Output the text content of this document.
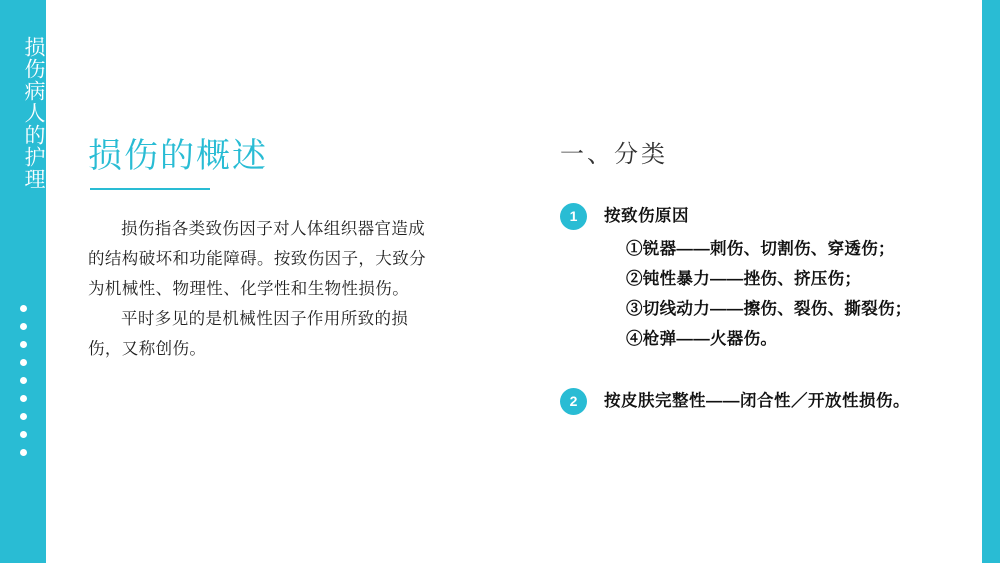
损伤病人的护理 损伤的概述

损伤指各类致伤因子对人体组织器官造成的结构破坏和功能障碍。按致伤因子，大致分为机械性、物理性、化学性和生物性损伤。

平时多见的是机械性因子作用所致的损伤，又称创伤。

一、分类
1	按致伤原因

①锐器——刺伤、切割伤、穿透伤；
②钝性暴力——挫伤、挤压伤；
③切线动力——擦伤、裂伤、撕裂伤；
④枪弹——火器伤。
2	按皮肤完整性——闭合性／开放性损伤。
